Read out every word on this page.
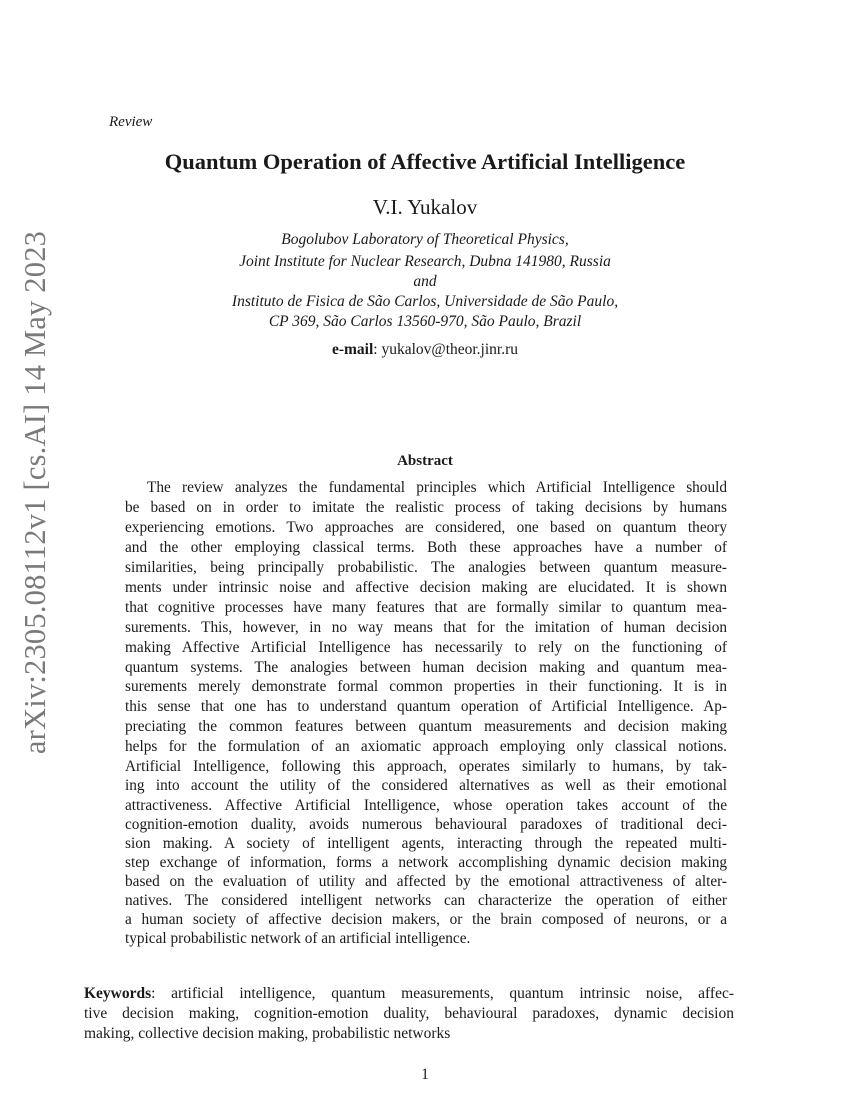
arXiv:2305.08112v1 [cs.AI] 14 May 2023
Review
Quantum Operation of Affective Artificial Intelligence
V.I. Yukalov
Bogolubov Laboratory of Theoretical Physics,
Joint Institute for Nuclear Research, Dubna 141980, Russia
and
Instituto de Fisica de São Carlos, Universidade de São Paulo,
CP 369, São Carlos 13560-970, São Paulo, Brazil
e-mail: yukalov@theor.jinr.ru
Abstract
The review analyzes the fundamental principles which Artificial Intelligence should
be based on in order to imitate the realistic process of taking decisions by humans
experiencing emotions. Two approaches are considered, one based on quantum theory
and the other employing classical terms. Both these approaches have a number of
similarities, being principally probabilistic. The analogies between quantum measure-
ments under intrinsic noise and affective decision making are elucidated. It is shown
that cognitive processes have many features that are formally similar to quantum mea-
surements. This, however, in no way means that for the imitation of human decision
making Affective Artificial Intelligence has necessarily to rely on the functioning of
quantum systems. The analogies between human decision making and quantum mea-
surements merely demonstrate formal common properties in their functioning. It is in
this sense that one has to understand quantum operation of Artificial Intelligence. Ap-
preciating the common features between quantum measurements and decision making
helps for the formulation of an axiomatic approach employing only classical notions.
Artificial Intelligence, following this approach, operates similarly to humans, by tak-
ing into account the utility of the considered alternatives as well as their emotional
attractiveness. Affective Artificial Intelligence, whose operation takes account of the
cognition-emotion duality, avoids numerous behavioural paradoxes of traditional deci-
sion making. A society of intelligent agents, interacting through the repeated multi-
step exchange of information, forms a network accomplishing dynamic decision making
based on the evaluation of utility and affected by the emotional attractiveness of alter-
natives. The considered intelligent networks can characterize the operation of either
a human society of affective decision makers, or the brain composed of neurons, or a
typical probabilistic network of an artificial intelligence.
Keywords: artificial intelligence, quantum measurements, quantum intrinsic noise, affec-
tive decision making, cognition-emotion duality, behavioural paradoxes, dynamic decision
making, collective decision making, probabilistic networks
1
